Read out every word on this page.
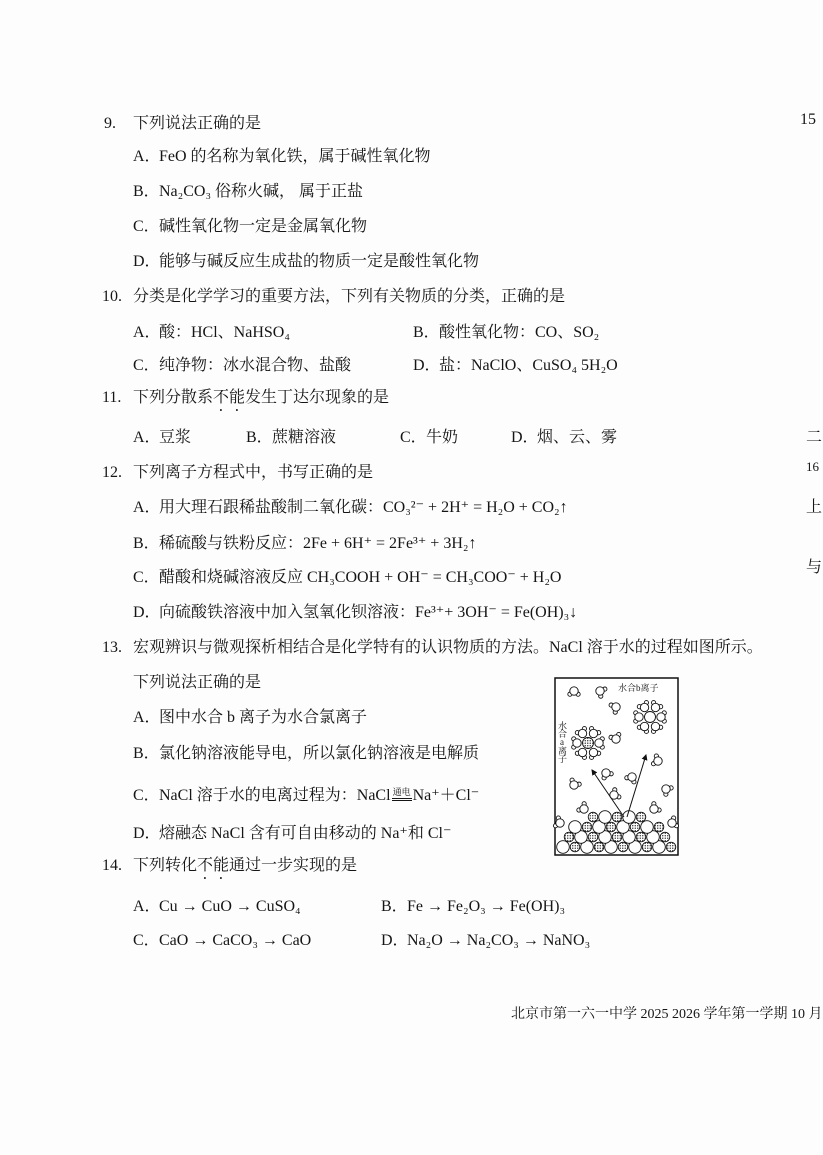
15
二
16
上
与
9. 下列说法正确的是
A．FeO 的名称为氧化铁，属于碱性氧化物
B．Na₂CO₃ 俗称火碱， 属于正盐
C．碱性氧化物一定是金属氧化物
D．能够与碱反应生成盐的物质一定是酸性氧化物
10. 分类是化学学习的重要方法，下列有关物质的分类，正确的是
A．酸：HCl、NaHSO₄	B．酸性氧化物：CO、SO₂
C．纯净物：冰水混合物、盐酸	D．盐：NaClO、CuSO₄ 5H₂O
11. 下列分散系不能发生丁达尔现象的是
A．豆浆	B．蔗糖溶液	C．牛奶	D．烟、云、雾
12. 下列离子方程式中，书写正确的是
A．用大理石跟稀盐酸制二氧化碳：CO₃²⁻ + 2H⁺ = H₂O + CO₂↑
B．稀硫酸与铁粉反应：2Fe + 6H⁺ = 2Fe³⁺ + 3H₂↑
C．醋酸和烧碱溶液反应 CH₃COOH + OH⁻ = CH₃COO⁻ + H₂O
D．向硫酸铁溶液中加入氢氧化钡溶液：Fe³⁺+ 3OH⁻ = Fe(OH)₃↓
13. 宏观辨识与微观探析相结合是化学特有的认识物质的方法。NaCl 溶于水的过程如图所示。
下列说法正确的是
A．图中水合 b 离子为水合氯离子
B．氯化钠溶液能导电，所以氯化钠溶液是电解质
C．NaCl 溶于水的电离过程为：NaCl 通电 Na⁺＋Cl⁻
D．熔融态 NaCl 含有可自由移动的 Na⁺和 Cl⁻
水合b离子
水合a离子
14. 下列转化不能通过一步实现的是
A．Cu → CuO → CuSO₄	B．Fe → Fe₂O₃ → Fe(OH)₃
C．CaO → CaCO₃ → CaO	D．Na₂O → Na₂CO₃ → NaNO₃
北京市第一六一中学 2025 2026 学年第一学期 10 月
